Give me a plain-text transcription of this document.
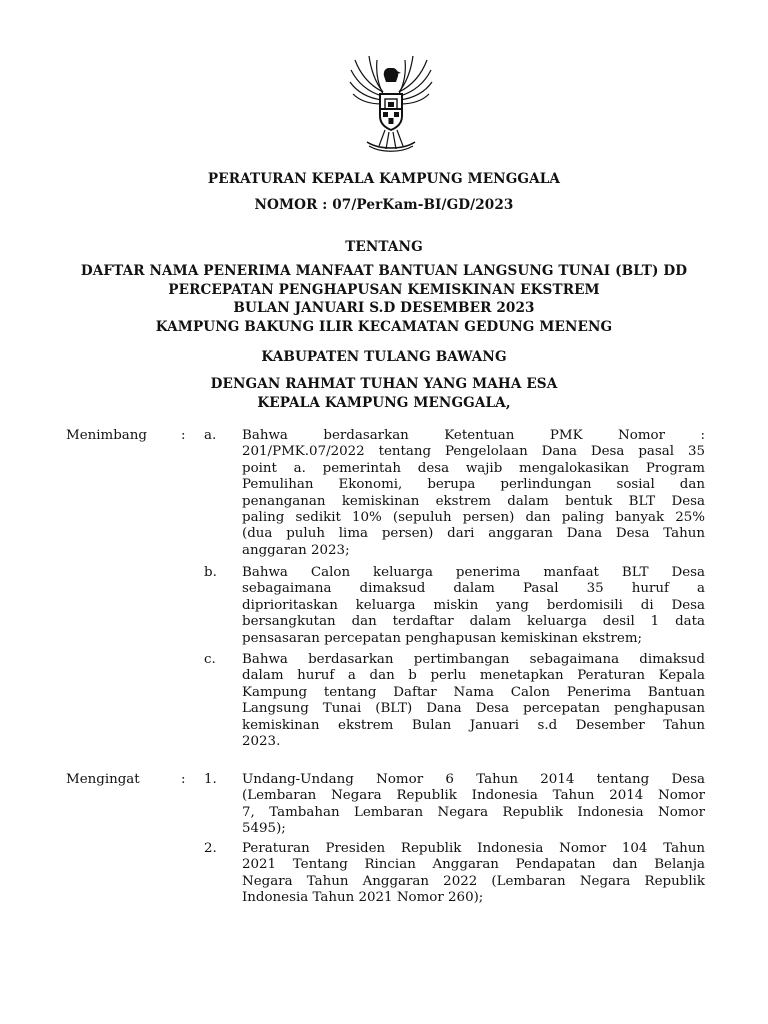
PERATURAN KEPALA KAMPUNG MENGGALA
NOMOR : 07/PerKam-BI/GD/2023
TENTANG
DAFTAR NAMA PENERIMA MANFAAT BANTUAN LANGSUNG TUNAI (BLT) DD
PERCEPATAN PENGHAPUSAN KEMISKINAN EKSTREM
BULAN JANUARI S.D DESEMBER 2023
KAMPUNG BAKUNG ILIR KECAMATAN GEDUNG MENENG
KABUPATEN TULANG BAWANG
DENGAN RAHMAT TUHAN YANG MAHA ESA
KEPALA KAMPUNG MENGGALA,
Menimbang	: a. Bahwa berdasarkan Ketentuan PMK Nomor :
201/PMK.07/2022 tentang Pengelolaan Dana Desa pasal 35
point a. pemerintah desa wajib mengalokasikan Program
Pemulihan Ekonomi, berupa perlindungan sosial dan
penanganan kemiskinan ekstrem dalam bentuk BLT Desa
paling sedikit 10% (sepuluh persen) dan paling banyak 25%
(dua puluh lima persen) dari anggaran Dana Desa Tahun
anggaran 2023;
b. Bahwa Calon keluarga penerima manfaat BLT Desa
sebagaimana dimaksud dalam Pasal 35 huruf a
diprioritaskan keluarga miskin yang berdomisili di Desa
bersangkutan dan terdaftar dalam keluarga desil 1 data
pensasaran percepatan penghapusan kemiskinan ekstrem;
c. Bahwa berdasarkan pertimbangan sebagaimana dimaksud
dalam huruf a dan b perlu menetapkan Peraturan Kepala
Kampung tentang Daftar Nama Calon Penerima Bantuan
Langsung Tunai (BLT) Dana Desa percepatan penghapusan
kemiskinan ekstrem Bulan Januari s.d Desember Tahun
2023.
Mengingat	: 1. Undang-Undang Nomor 6 Tahun 2014 tentang Desa
(Lembaran Negara Republik Indonesia Tahun 2014 Nomor
7, Tambahan Lembaran Negara Republik Indonesia Nomor
5495);
2. Peraturan Presiden Republik Indonesia Nomor 104 Tahun
2021 Tentang Rincian Anggaran Pendapatan dan Belanja
Negara Tahun Anggaran 2022 (Lembaran Negara Republik
Indonesia Tahun 2021 Nomor 260);
